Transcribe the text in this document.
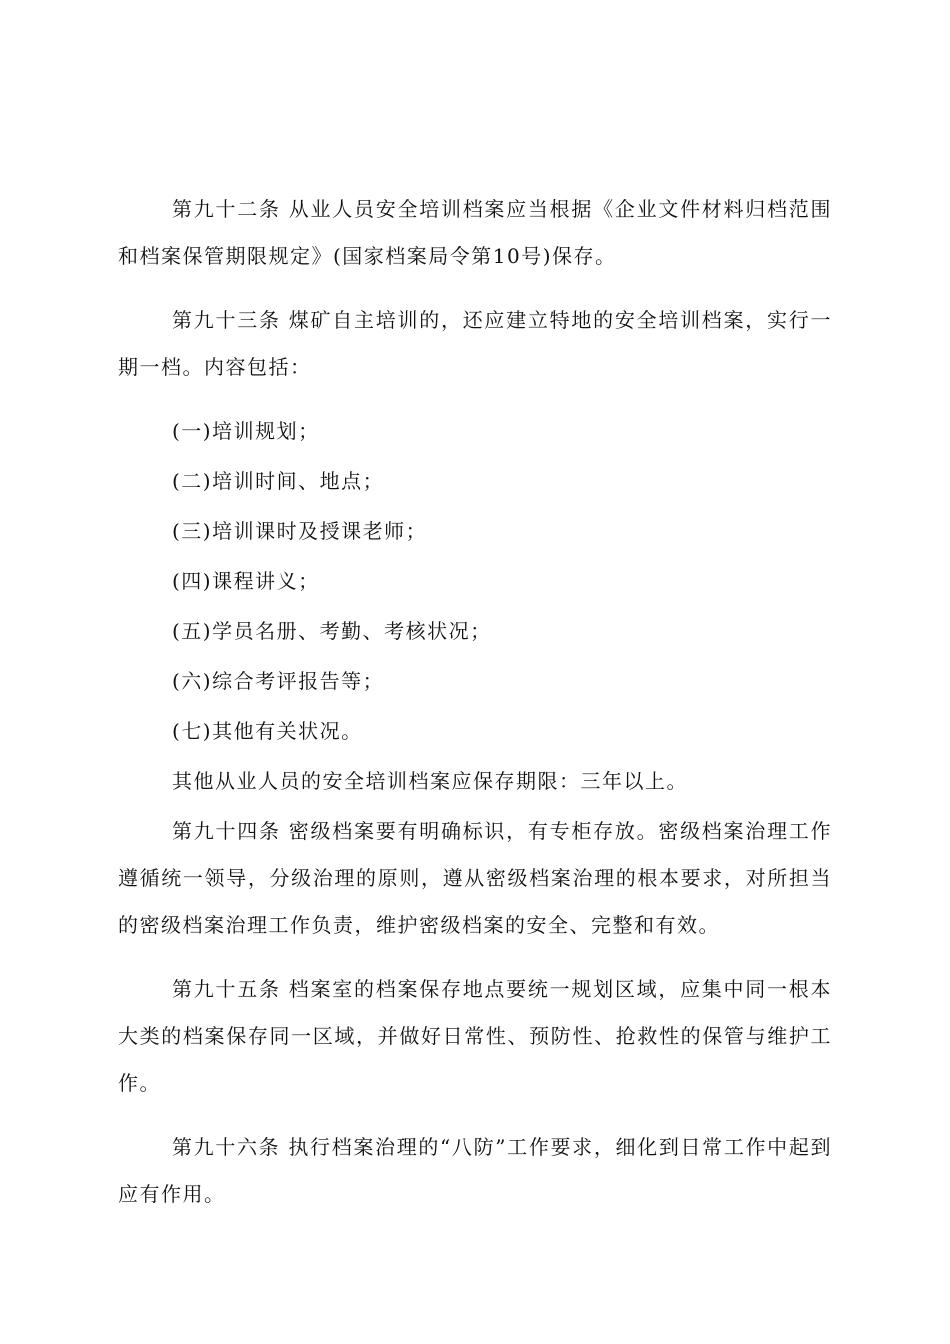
第九十二条 从业人员安全培训档案应当根据《企业文件材料归档范围和档案保管期限规定》(国家档案局令第10号)保存。

第九十三条 煤矿自主培训的，还应建立特地的安全培训档案，实行一期一档。内容包括：

(一)培训规划；

(二)培训时间、地点；

(三)培训课时及授课老师；

(四)课程讲义；

(五)学员名册、考勤、考核状况；

(六)综合考评报告等；

(七)其他有关状况。

其他从业人员的安全培训档案应保存期限：三年以上。

第九十四条 密级档案要有明确标识，有专柜存放。密级档案治理工作遵循统一领导，分级治理的原则，遵从密级档案治理的根本要求，对所担当的密级档案治理工作负责，维护密级档案的安全、完整和有效。

第九十五条 档案室的档案保存地点要统一规划区域，应集中同一根本大类的档案保存同一区域，并做好日常性、预防性、抢救性的保管与维护工作。

第九十六条 执行档案治理的“八防”工作要求，细化到日常工作中起到应有作用。
